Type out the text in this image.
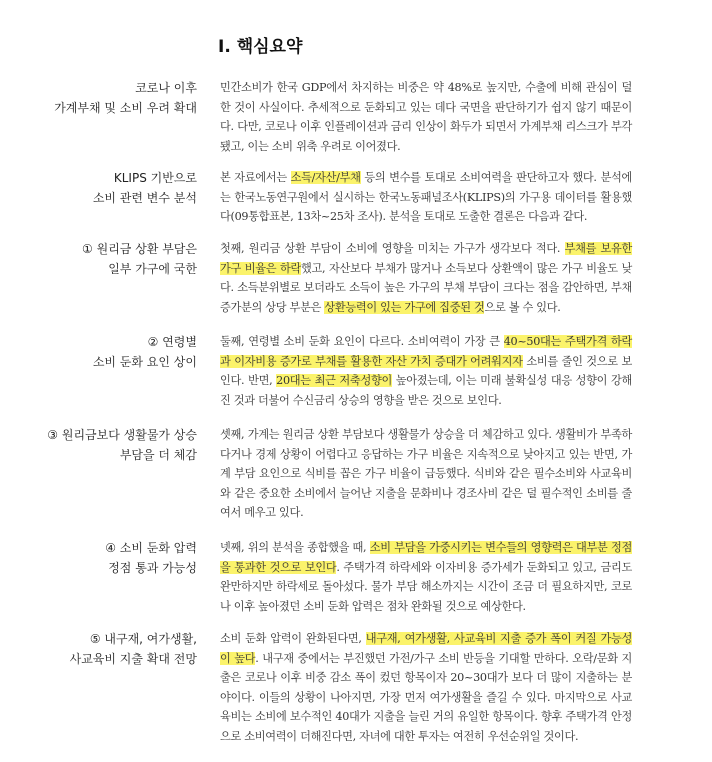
Ⅰ. 핵심요약
코로나 이후
가계부채 및 소비 우려 확대
민간소비가 한국 GDP에서 차지하는 비중은 약 48%로 높지만, 수출에 비해 관심이 덜한 것이 사실이다. 추세적으로 둔화되고 있는 데다 국면을 판단하기가 쉽지 않기 때문이다. 다만, 코로나 이후 인플레이션과 금리 인상이 화두가 되면서 가계부채 리스크가 부각됐고, 이는 소비 위축 우려로 이어졌다.
KLIPS 기반으로
소비 관련 변수 분석
본 자료에서는 소득/자산/부채 등의 변수를 토대로 소비여력을 판단하고자 했다. 분석에는 한국노동연구원에서 실시하는 한국노동패널조사(KLIPS)의 가구용 데이터를 활용했다(09통합표본, 13차~25차 조사). 분석을 토대로 도출한 결론은 다음과 같다.
① 원리금 상환 부담은
일부 가구에 국한
첫째, 원리금 상환 부담이 소비에 영향을 미치는 가구가 생각보다 적다. 부채를 보유한 가구 비율은 하락했고, 자산보다 부채가 많거나 소득보다 상환액이 많은 가구 비율도 낮다. 소득분위별로 보더라도 소득이 높은 가구의 부채 부담이 크다는 점을 감안하면, 부채 증가분의 상당 부분은 상환능력이 있는 가구에 집중된 것으로 볼 수 있다.
② 연령별
소비 둔화 요인 상이
둘째, 연령별 소비 둔화 요인이 다르다. 소비여력이 가장 큰 40~50대는 주택가격 하락과 이자비용 증가로 부채를 활용한 자산 가치 증대가 어려워지자 소비를 줄인 것으로 보인다. 반면, 20대는 최근 저축성향이 높아졌는데, 이는 미래 불확실성 대응 성향이 강해진 것과 더불어 수신금리 상승의 영향을 받은 것으로 보인다.
③ 원리금보다 생활물가 상승
부담을 더 체감
셋째, 가계는 원리금 상환 부담보다 생활물가 상승을 더 체감하고 있다. 생활비가 부족하다거나 경제 상황이 어렵다고 응답하는 가구 비율은 지속적으로 낮아지고 있는 반면, 가계 부담 요인으로 식비를 꼽은 가구 비율이 급등했다. 식비와 같은 필수소비와 사교육비와 같은 중요한 소비에서 늘어난 지출을 문화비나 경조사비 같은 덜 필수적인 소비를 줄여서 메우고 있다.
④ 소비 둔화 압력
정점 통과 가능성
넷째, 위의 분석을 종합했을 때, 소비 부담을 가중시키는 변수들의 영향력은 대부분 정점을 통과한 것으로 보인다. 주택가격 하락세와 이자비용 증가세가 둔화되고 있고, 금리도 완만하지만 하락세로 돌아섰다. 물가 부담 해소까지는 시간이 조금 더 필요하지만, 코로나 이후 높아졌던 소비 둔화 압력은 점차 완화될 것으로 예상한다.
⑤ 내구재, 여가생활,
사교육비 지출 확대 전망
소비 둔화 압력이 완화된다면, 내구재, 여가생활, 사교육비 지출 증가 폭이 커질 가능성이 높다. 내구재 중에서는 부진했던 가전/가구 소비 반등을 기대할 만하다. 오락/문화 지출은 코로나 이후 비중 감소 폭이 컸던 항목이자 20~30대가 보다 더 많이 지출하는 분야이다. 이들의 상황이 나아지면, 가장 먼저 여가생활을 즐길 수 있다. 마지막으로 사교육비는 소비에 보수적인 40대가 지출을 늘린 거의 유일한 항목이다. 향후 주택가격 안정으로 소비여력이 더해진다면, 자녀에 대한 투자는 여전히 우선순위일 것이다.
